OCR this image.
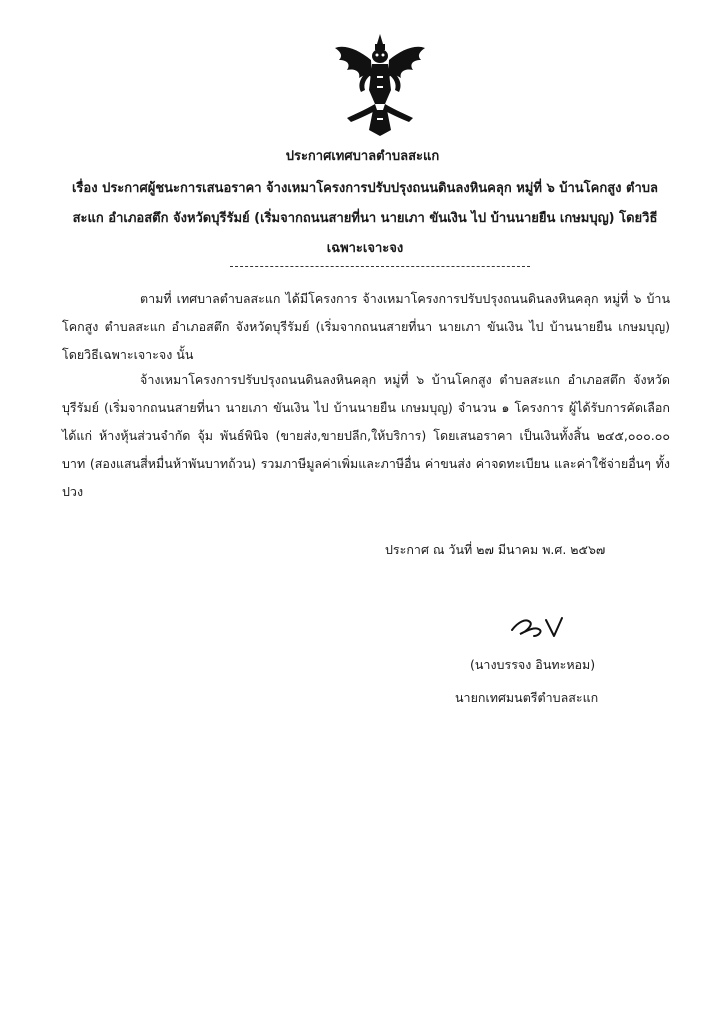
ประกาศเทศบาลตำบลสะแก
เรื่อง ประกาศผู้ชนะการเสนอราคา จ้างเหมาโครงการปรับปรุงถนนดินลงหินคลุก หมู่ที่ ๖ บ้านโคกสูง ตำบลสะแก อำเภอสตึก จังหวัดบุรีรัมย์ (เริ่มจากถนนสายที่นา นายเภา ขันเงิน ไป บ้านนายยืน เกษมบุญ) โดยวิธีเฉพาะเจาะจง
ตามที่ เทศบาลตำบลสะแก ได้มีโครงการ จ้างเหมาโครงการปรับปรุงถนนดินลงหินคลุก หมู่ที่ ๖ บ้านโคกสูง ตำบลสะแก อำเภอสตึก จังหวัดบุรีรัมย์ (เริ่มจากถนนสายที่นา นายเภา ขันเงิน ไป บ้านนายยืน เกษมบุญ) โดยวิธีเฉพาะเจาะจง นั้น
จ้างเหมาโครงการปรับปรุงถนนดินลงหินคลุก หมู่ที่ ๖ บ้านโคกสูง ตำบลสะแก อำเภอสตึก จังหวัดบุรีรัมย์ (เริ่มจากถนนสายที่นา นายเภา ขันเงิน ไป บ้านนายยืน เกษมบุญ) จำนวน ๑ โครงการ ผู้ได้รับการคัดเลือก ได้แก่ ห้างหุ้นส่วนจำกัด จุ้ม พันธ์พินิจ (ขายส่ง,ขายปลีก,ให้บริการ) โดยเสนอราคา เป็นเงินทั้งสิ้น ๒๔๕,๐๐๐.๐๐ บาท (สองแสนสี่หมื่นห้าพันบาทถ้วน) รวมภาษีมูลค่าเพิ่มและภาษีอื่น ค่าขนส่ง ค่าจดทะเบียน และค่าใช้จ่ายอื่นๆ ทั้งปวง
ประกาศ ณ วันที่ ๒๗ มีนาคม พ.ศ. ๒๕๖๗
(นางบรรจง อินทะหอม)
นายกเทศมนตรีตำบลสะแก
